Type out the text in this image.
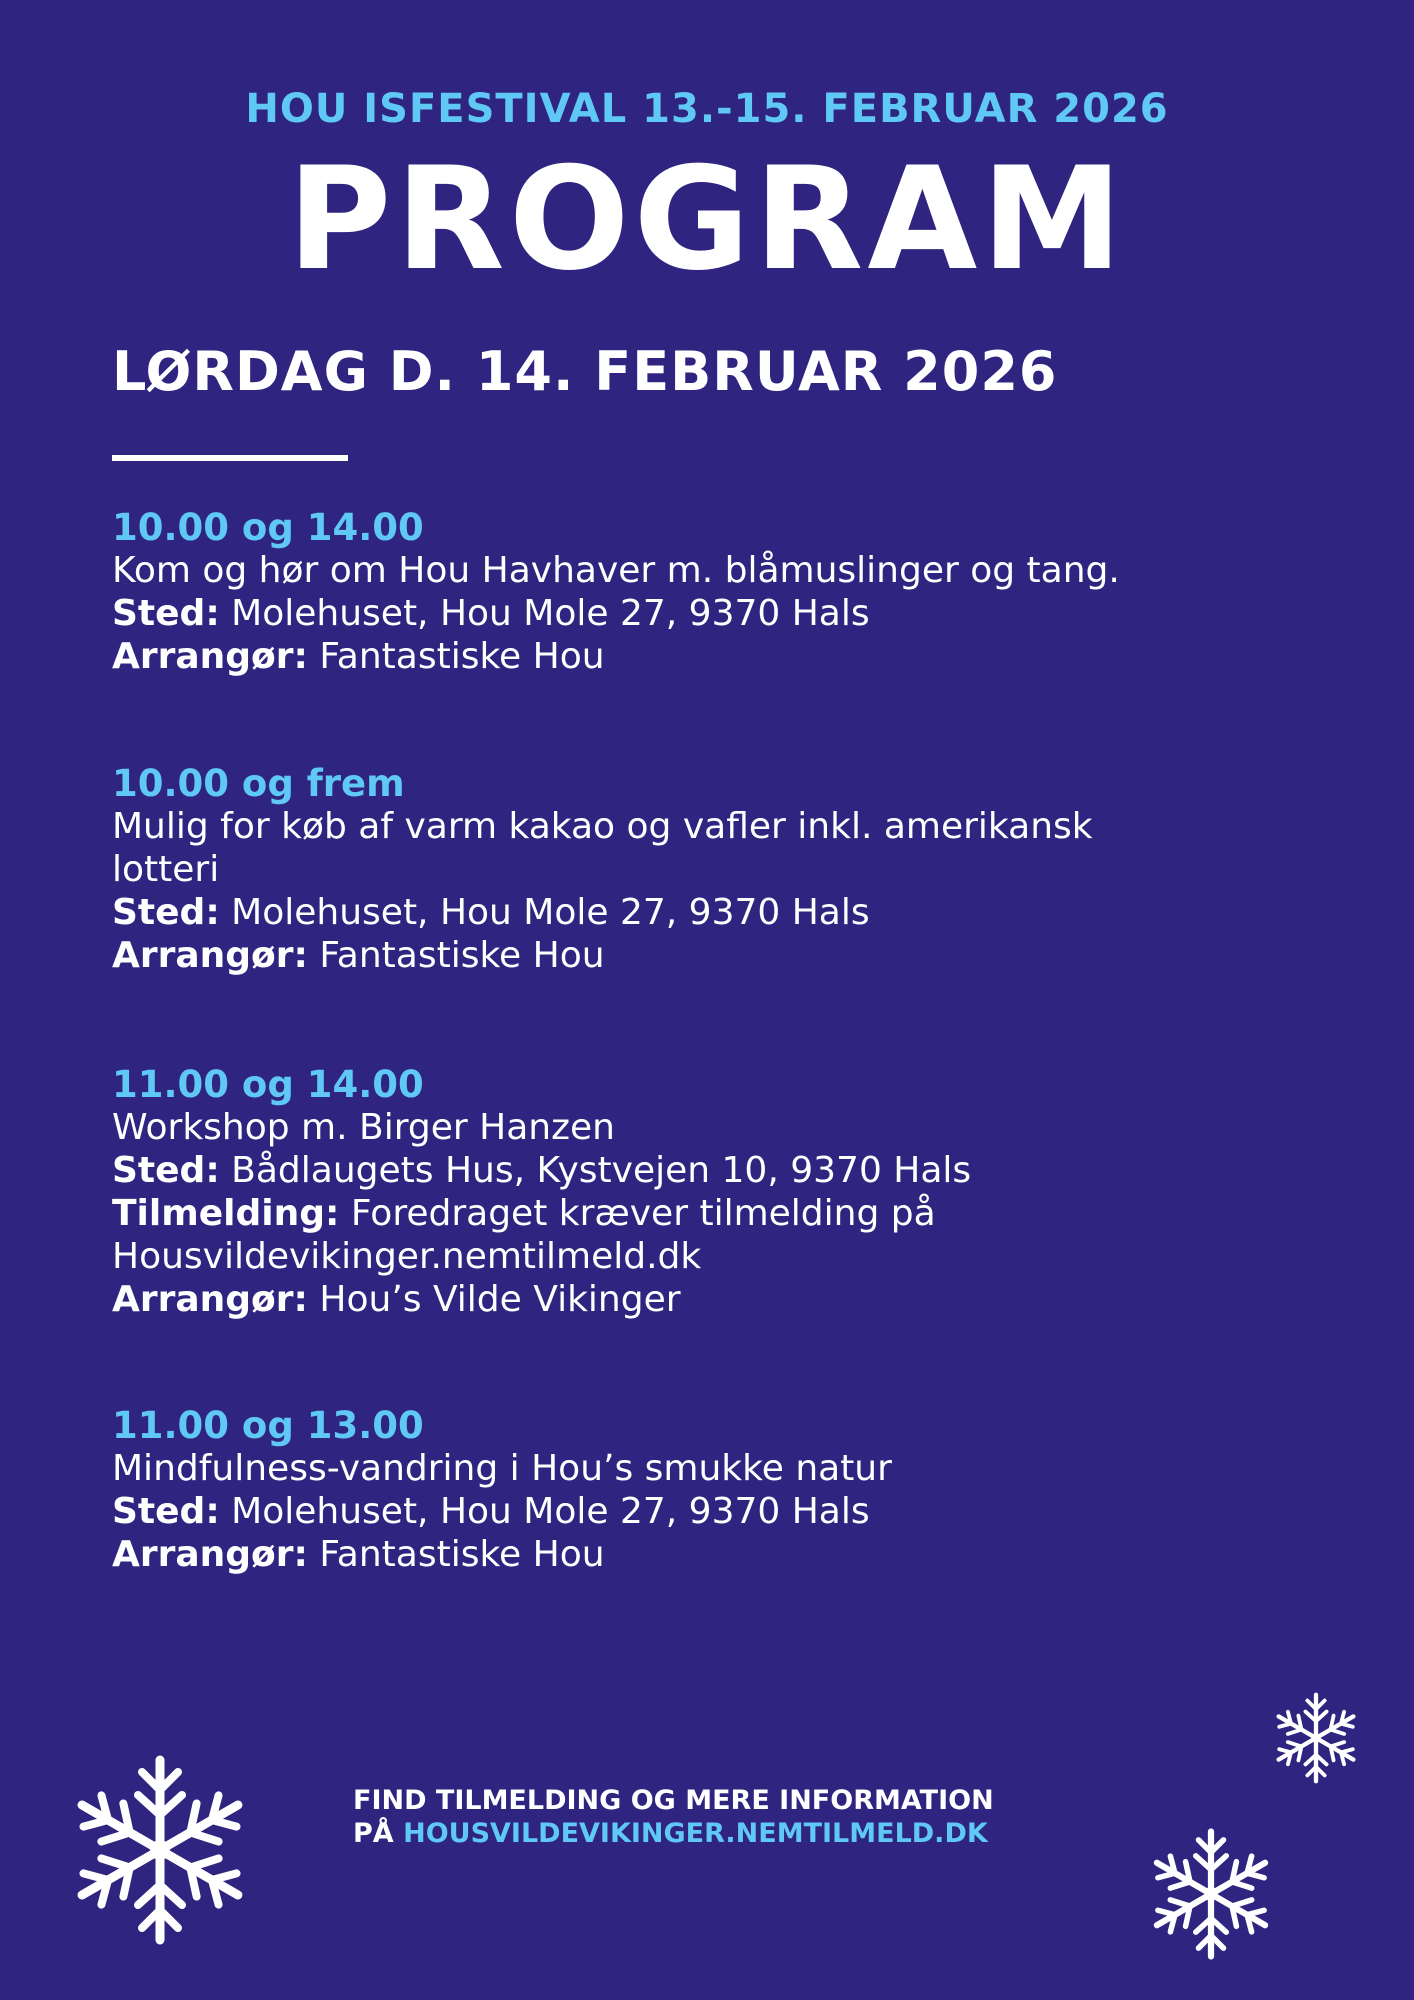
HOU ISFESTIVAL 13.-15. FEBRUAR 2026
PROGRAM
LØRDAG D. 14. FEBRUAR 2026
10.00 og 14.00
Kom og hør om Hou Havhaver m. blåmuslinger og tang.
Sted: Molehuset, Hou Mole 27, 9370 Hals
Arrangør: Fantastiske Hou
10.00 og frem
Mulig for køb af varm kakao og vafler inkl. amerikansk
lotteri
Sted: Molehuset, Hou Mole 27, 9370 Hals
Arrangør: Fantastiske Hou
11.00 og 14.00
Workshop m. Birger Hanzen
Sted: Bådlaugets Hus, Kystvejen 10, 9370 Hals
Tilmelding: Foredraget kræver tilmelding på
Housvildevikinger.nemtilmeld.dk
Arrangør: Hou’s Vilde Vikinger
11.00 og 13.00
Mindfulness-vandring i Hou’s smukke natur
Sted: Molehuset, Hou Mole 27, 9370 Hals
Arrangør: Fantastiske Hou
FIND TILMELDING OG MERE INFORMATION
PÅ HOUSVILDEVIKINGER.NEMTILMELD.DK
